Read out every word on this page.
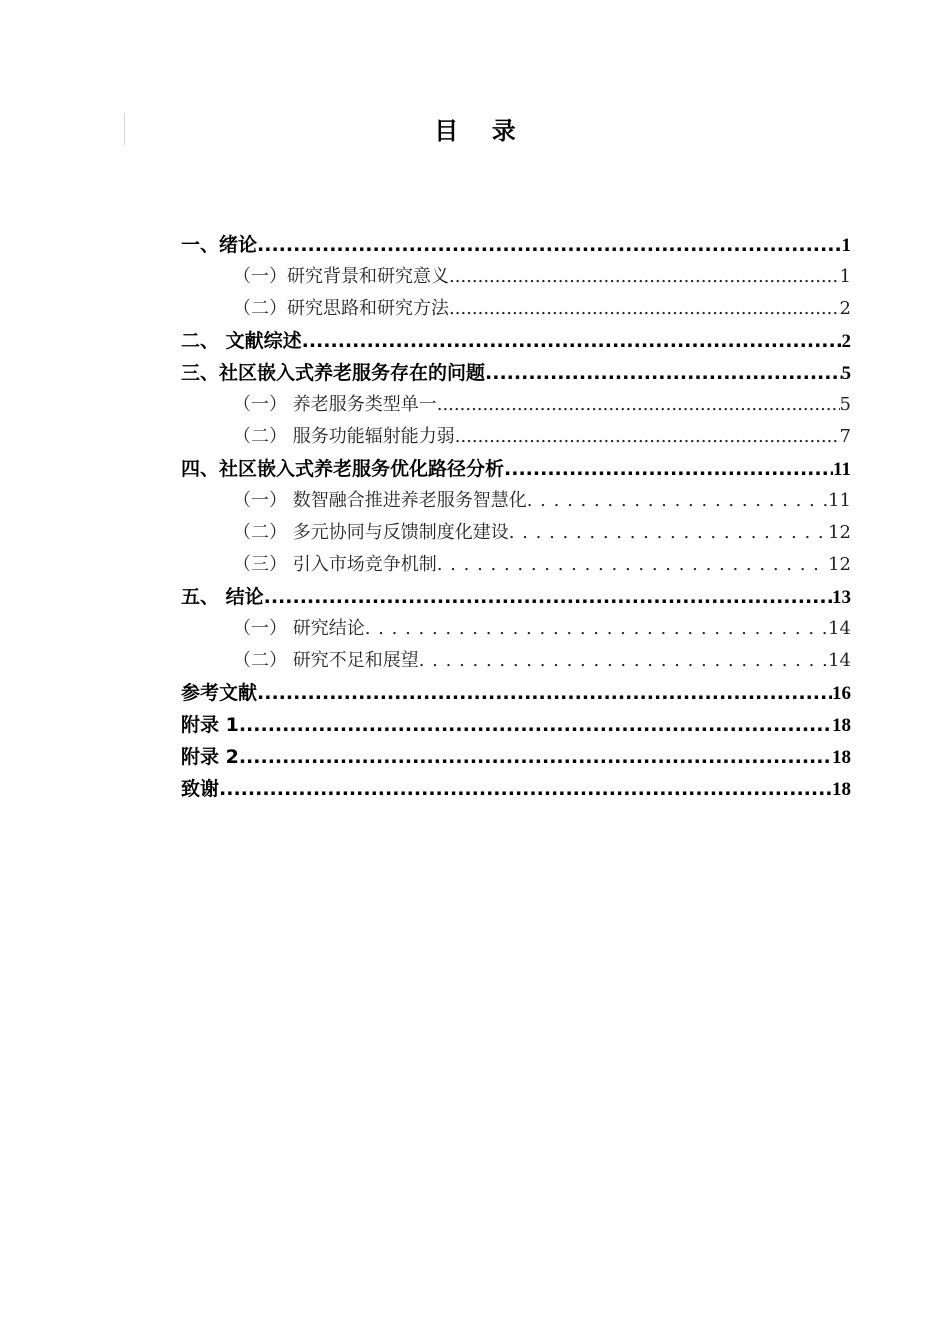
目    录
一、绪论 .....	1
（一）研究背景和研究意义 .....	1
（二）研究思路和研究方法 .....	2
二、 文献综述 .....	2
三、社区嵌入式养老服务存在的问题 .....	5
（一） 养老服务类型单一 .....	5
（二） 服务功能辐射能力弱 .....	7
四、社区嵌入式养老服务优化路径分析 .....	11
（一） 数智融合推进养老服务智慧化 . . .	11
（二） 多元协同与反馈制度化建设 . . .	12
（三） 引入市场竞争机制 . . .	12
五、 结论 .....	13
（一） 研究结论 . . .	14
（二） 研究不足和展望 . . .	14
参考文献 .....	16
附录 1 .....	18
附录 2 .....	18
致谢 .....	18
